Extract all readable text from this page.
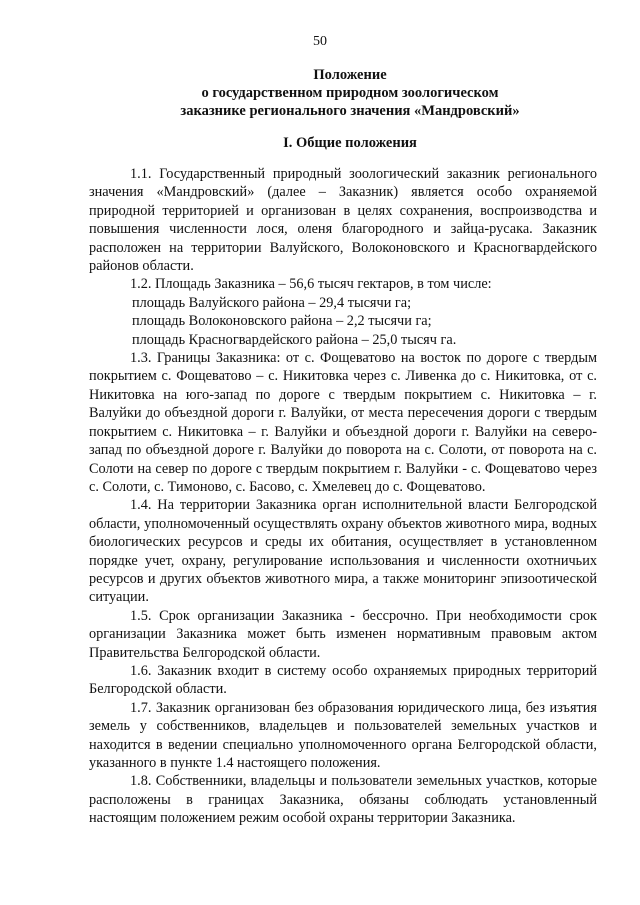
50
Положение
о государственном природном зоологическом
заказнике регионального значения «Мандровский»
I. Общие положения

1.1. Государственный природный зоологический заказник регионального значения «Мандровский» (далее – Заказник) является особо охраняемой природной территорией и организован в целях сохранения, воспроизводства и повышения численности лося, оленя благородного и зайца-русака. Заказник расположен на территории Валуйского, Волоконовского и Красногвардейского районов области.

1.2. Площадь Заказника – 56,6 тысяч гектаров, в том числе:

площадь Валуйского района – 29,4 тысячи га;

площадь Волоконовского района – 2,2 тысячи га;

площадь Красногвардейского района – 25,0 тысяч га.

1.3. Границы Заказника: от с. Фощеватово на восток по дороге с твердым покрытием с. Фощеватово – с. Никитовка через с. Ливенка до с. Никитовка, от с. Никитовка на юго-запад по дороге с твердым покрытием с. Никитовка – г. Валуйки до объездной дороги г. Валуйки, от места пересечения дороги с твердым покрытием с. Никитовка – г. Валуйки и объездной дороги г. Валуйки на северо-запад по объездной дороге г. Валуйки до поворота на с. Солоти, от поворота на с. Солоти на север по дороге с твердым покрытием г. Валуйки - с. Фощеватово через с. Солоти, с. Тимоново, с. Басово, с. Хмелевец до с. Фощеватово.

1.4. На территории Заказника орган исполнительной власти Белгородской области, уполномоченный осуществлять охрану объектов животного мира, водных биологических ресурсов и среды их обитания, осуществляет в установленном порядке учет, охрану, регулирование использования и численности охотничьих ресурсов и других объектов животного мира, а также мониторинг эпизоотической ситуации.

1.5. Срок организации Заказника - бессрочно. При необходимости срок организации Заказника может быть изменен нормативным правовым актом Правительства Белгородской области.

1.6. Заказник входит в систему особо охраняемых природных территорий Белгородской области.

1.7. Заказник организован без образования юридического лица, без изъятия земель у собственников, владельцев и пользователей земельных участков и находится в ведении специально уполномоченного органа Белгородской области, указанного в пункте 1.4 настоящего положения.

1.8. Собственники, владельцы и пользователи земельных участков, которые расположены в границах Заказника, обязаны соблюдать установленный настоящим положением режим особой охраны территории Заказника.
